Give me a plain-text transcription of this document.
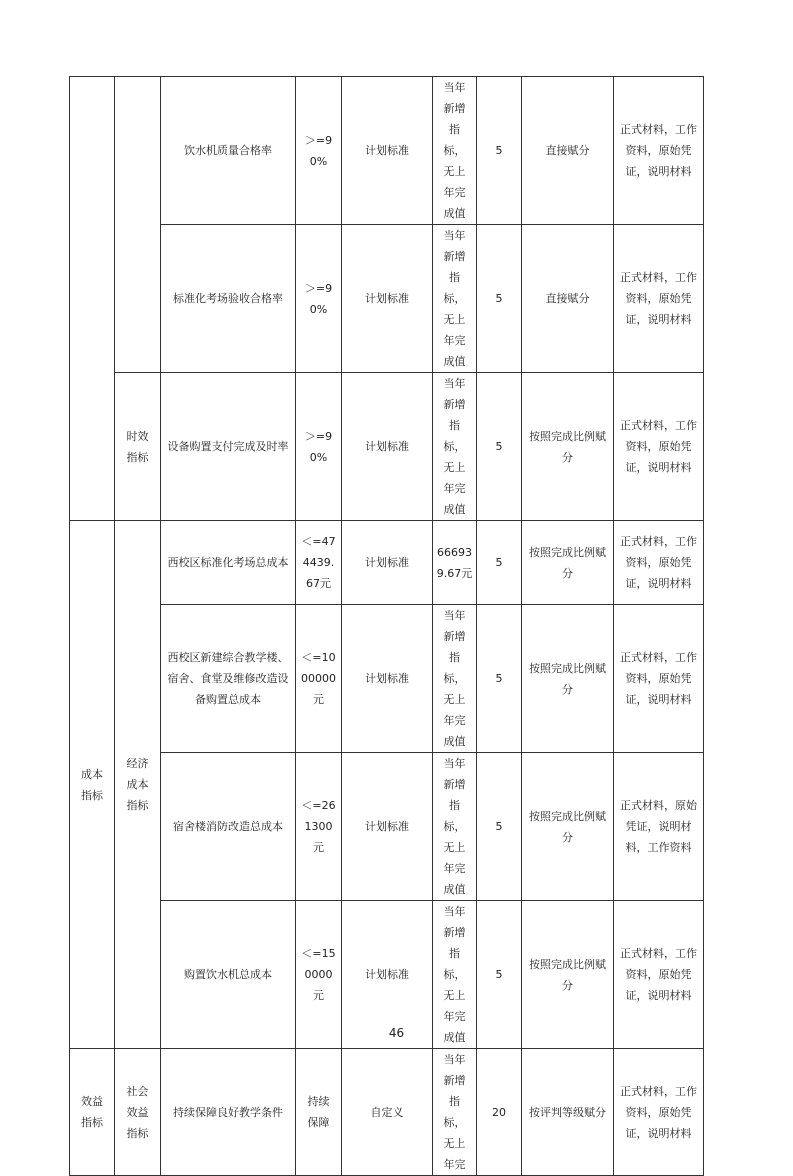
		饮水机质量合格率	＞=90%	计划标准	当年新增指标，无上年完成值	5	直接赋分	正式材料，工作资料，原始凭证，说明材料
		标准化考场验收合格率	＞=90%	计划标准	当年新增指标，无上年完成值	5	直接赋分	正式材料，工作资料，原始凭证，说明材料
	时效指标	设备购置支付完成及时率	＞=90%	计划标准	当年新增指标，无上年完成值	5	按照完成比例赋分	正式材料，工作资料，原始凭证，说明材料
成本指标	经济成本指标	西校区标准化考场总成本	＜=474439.67元	计划标准	666939.67元	5	按照完成比例赋分	正式材料，工作资料，原始凭证，说明材料
		西校区新建综合教学楼、宿舍、食堂及维修改造设备购置总成本	＜=1000000元	计划标准	当年新增指标，无上年完成值	5	按照完成比例赋分	正式材料，工作资料，原始凭证，说明材料
		宿舍楼消防改造总成本	＜=261300元	计划标准	当年新增指标，无上年完成值	5	按照完成比例赋分	正式材料，原始凭证，说明材料，工作资料
		购置饮水机总成本	＜=150000元	计划标准	当年新增指标，无上年完成值	5	按照完成比例赋分	正式材料，工作资料，原始凭证，说明材料
效益指标	社会效益指标	持续保障良好教学条件	持续保障	自定义	当年新增指标，无上年完	20	按评判等级赋分	正式材料，工作资料，原始凭证，说明材料
46
